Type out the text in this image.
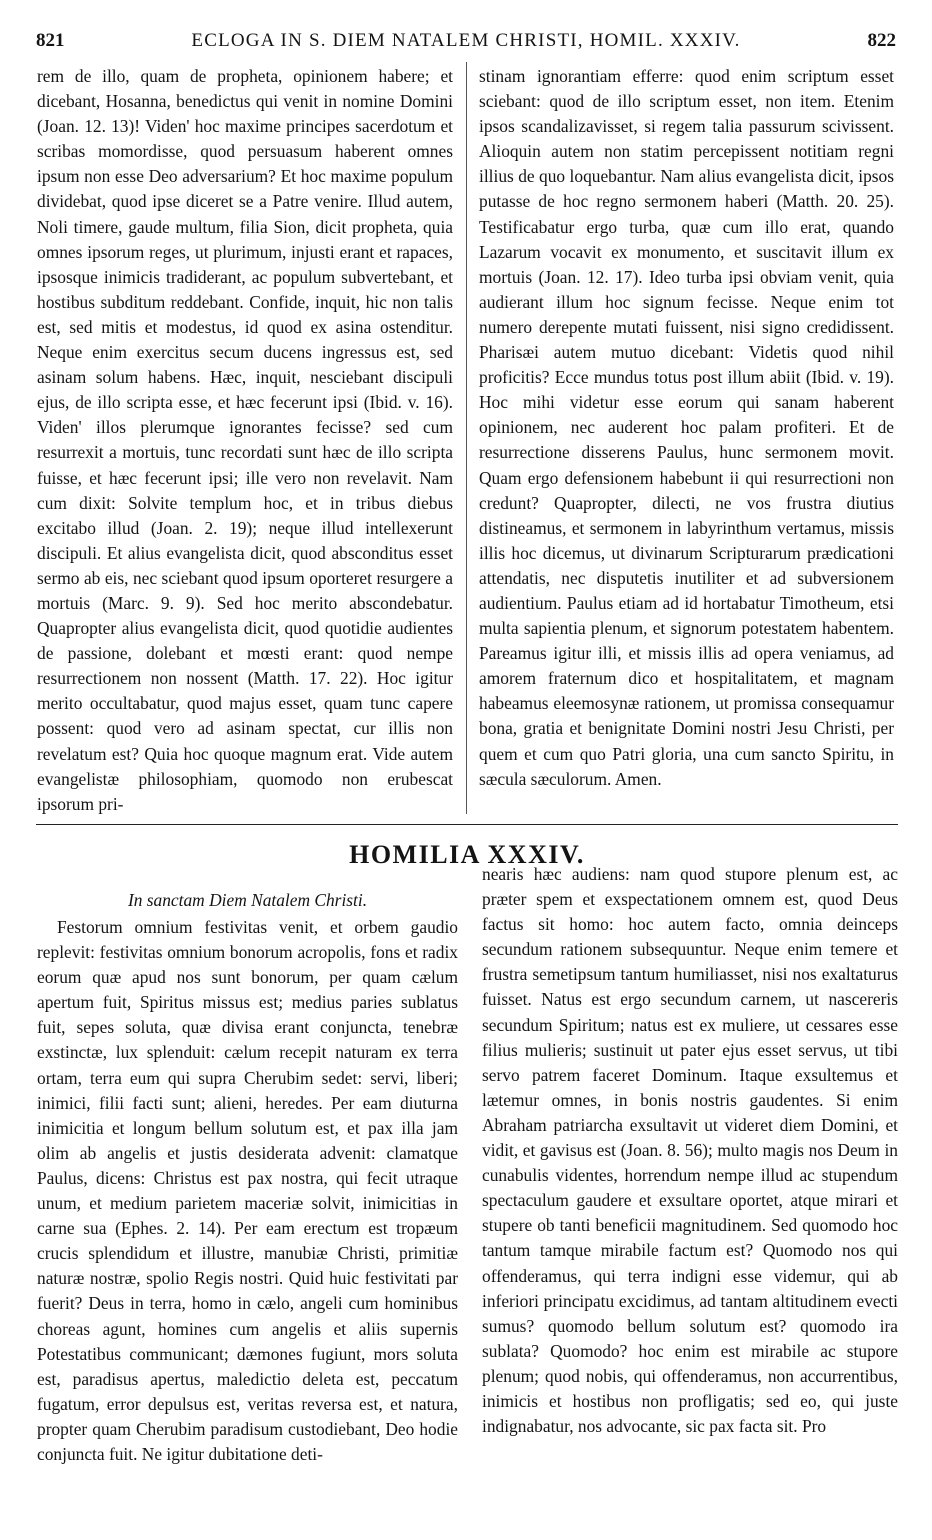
821	ECLOGA IN S. DIEM NATALEM CHRISTI, HOMIL. XXXIV.	822

rem de illo, quam de propheta, opinionem habere; et dicebant, Hosanna, benedictus qui venit in nomine Domini (Joan. 12. 13)! Viden' hoc maxime principes sacerdotum et scribas momordisse, quod persuasum haberent omnes ipsum non esse Deo adversarium? Et hoc maxime populum dividebat, quod ipse diceret se a Patre venire. Illud autem, Noli timere, gaude multum, filia Sion, dicit propheta, quia omnes ipsorum reges, ut plurimum, injusti erant et rapaces, ipsosque inimicis tradiderant, ac populum subvertebant, et hostibus subditum reddebant. Confide, inquit, hic non talis est, sed mitis et modestus, id quod ex asina ostenditur. Neque enim exercitus secum ducens ingressus est, sed asinam solum habens. Hæc, inquit, nesciebant discipuli ejus, de illo scripta esse, et hæc fecerunt ipsi (Ibid. v. 16). Viden' illos plerumque ignorantes fecisse? sed cum resurrexit a mortuis, tunc recordati sunt hæc de illo scripta fuisse, et hæc fecerunt ipsi; ille vero non revelavit. Nam cum dixit: Solvite templum hoc, et in tribus diebus excitabo illud (Joan. 2. 19); neque illud intellexerunt discipuli. Et alius evangelista dicit, quod absconditus esset sermo ab eis, nec sciebant quod ipsum oporteret resurgere a mortuis (Marc. 9. 9). Sed hoc merito abscondebatur. Quapropter alius evangelista dicit, quod quotidie audientes de passione, dolebant et mœsti erant: quod nempe resurrectionem non nossent (Matth. 17. 22). Hoc igitur merito occultabatur, quod majus esset, quam tunc capere possent: quod vero ad asinam spectat, cur illis non revelatum est? Quia hoc quoque magnum erat. Vide autem evangelistæ philosophiam, quomodo non erubescat ipsorum pri-

stinam ignorantiam efferre: quod enim scriptum esset sciebant: quod de illo scriptum esset, non item. Etenim ipsos scandalizavisset, si regem talia passurum scivissent. Alioquin autem non statim percepissent notitiam regni illius de quo loquebantur. Nam alius evangelista dicit, ipsos putasse de hoc regno sermonem haberi (Matth. 20. 25). Testificabatur ergo turba, quæ cum illo erat, quando Lazarum vocavit ex monumento, et suscitavit illum ex mortuis (Joan. 12. 17). Ideo turba ipsi obviam venit, quia audierant illum hoc signum fecisse. Neque enim tot numero derepente mutati fuissent, nisi signo credidissent. Pharisæi autem mutuo dicebant: Videtis quod nihil proficitis? Ecce mundus totus post illum abiit (Ibid. v. 19). Hoc mihi videtur esse eorum qui sanam haberent opinionem, nec auderent hoc palam profiteri. Et de resurrectione disserens Paulus, hunc sermonem movit. Quam ergo defensionem habebunt ii qui resurrectioni non credunt? Quapropter, dilecti, ne vos frustra diutius distineamus, et sermonem in labyrinthum vertamus, missis illis hoc dicemus, ut divinarum Scripturarum prædicationi attendatis, nec disputetis inutiliter et ad subversionem audientium. Paulus etiam ad id hortabatur Timotheum, etsi multa sapientia plenum, et signorum potestatem habentem. Pareamus igitur illi, et missis illis ad opera veniamus, ad amorem fraternum dico et hospitalitatem, et magnam habeamus eleemosynæ rationem, ut promissa consequamur bona, gratia et benignitate Domini nostri Jesu Christi, per quem et cum quo Patri gloria, una cum sancto Spiritu, in sæcula sæculorum. Amen.

HOMILIA XXXIV.
In sanctam Diem Natalem Christi.

Festorum omnium festivitas venit, et orbem gaudio replevit: festivitas omnium bonorum acropolis, fons et radix eorum quæ apud nos sunt bonorum, per quam cælum apertum fuit, Spiritus missus est; medius paries sublatus fuit, sepes soluta, quæ divisa erant conjuncta, tenebræ exstinctæ, lux splenduit: cælum recepit naturam ex terra ortam, terra eum qui supra Cherubim sedet: servi, liberi; inimici, filii facti sunt; alieni, heredes. Per eam diuturna inimicitia et longum bellum solutum est, et pax illa jam olim ab angelis et justis desiderata advenit: clamatque Paulus, dicens: Christus est pax nostra, qui fecit utraque unum, et medium parietem maceriæ solvit, inimicitias in carne sua (Ephes. 2. 14). Per eam erectum est tropæum crucis splendidum et illustre, manubiæ Christi, primitiæ naturæ nostræ, spolio Regis nostri. Quid huic festivitati par fuerit? Deus in terra, homo in cælo, angeli cum hominibus choreas agunt, homines cum angelis et aliis supernis Potestatibus communicant; dæmones fugiunt, mors soluta est, paradisus apertus, maledictio deleta est, peccatum fugatum, error depulsus est, veritas reversa est, et natura, propter quam Cherubim paradisum custodiebant, Deo hodie conjuncta fuit. Ne igitur dubitatione deti-

nearis hæc audiens: nam quod stupore plenum est, ac præter spem et exspectationem omnem est, quod Deus factus sit homo: hoc autem facto, omnia deinceps secundum rationem subsequuntur. Neque enim temere et frustra semetipsum tantum humiliasset, nisi nos exaltaturus fuisset. Natus est ergo secundum carnem, ut nascereris secundum Spiritum; natus est ex muliere, ut cessares esse filius mulieris; sustinuit ut pater ejus esset servus, ut tibi servo patrem faceret Dominum. Itaque exsultemus et lætemur omnes, in bonis nostris gaudentes. Si enim Abraham patriarcha exsultavit ut videret diem Domini, et vidit, et gavisus est (Joan. 8. 56); multo magis nos Deum in cunabulis videntes, horrendum nempe illud ac stupendum spectaculum gaudere et exsultare oportet, atque mirari et stupere ob tanti beneficii magnitudinem. Sed quomodo hoc tantum tamque mirabile factum est? Quomodo nos qui offenderamus, qui terra indigni esse videmur, qui ab inferiori principatu excidimus, ad tantam altitudinem evecti sumus? quomodo bellum solutum est? quomodo ira sublata? Quomodo? hoc enim est mirabile ac stupore plenum; quod nobis, qui offenderamus, non accurrentibus, inimicis et hostibus non profligatis; sed eo, qui juste indignabatur, nos advocante, sic pax facta sit. Pro
